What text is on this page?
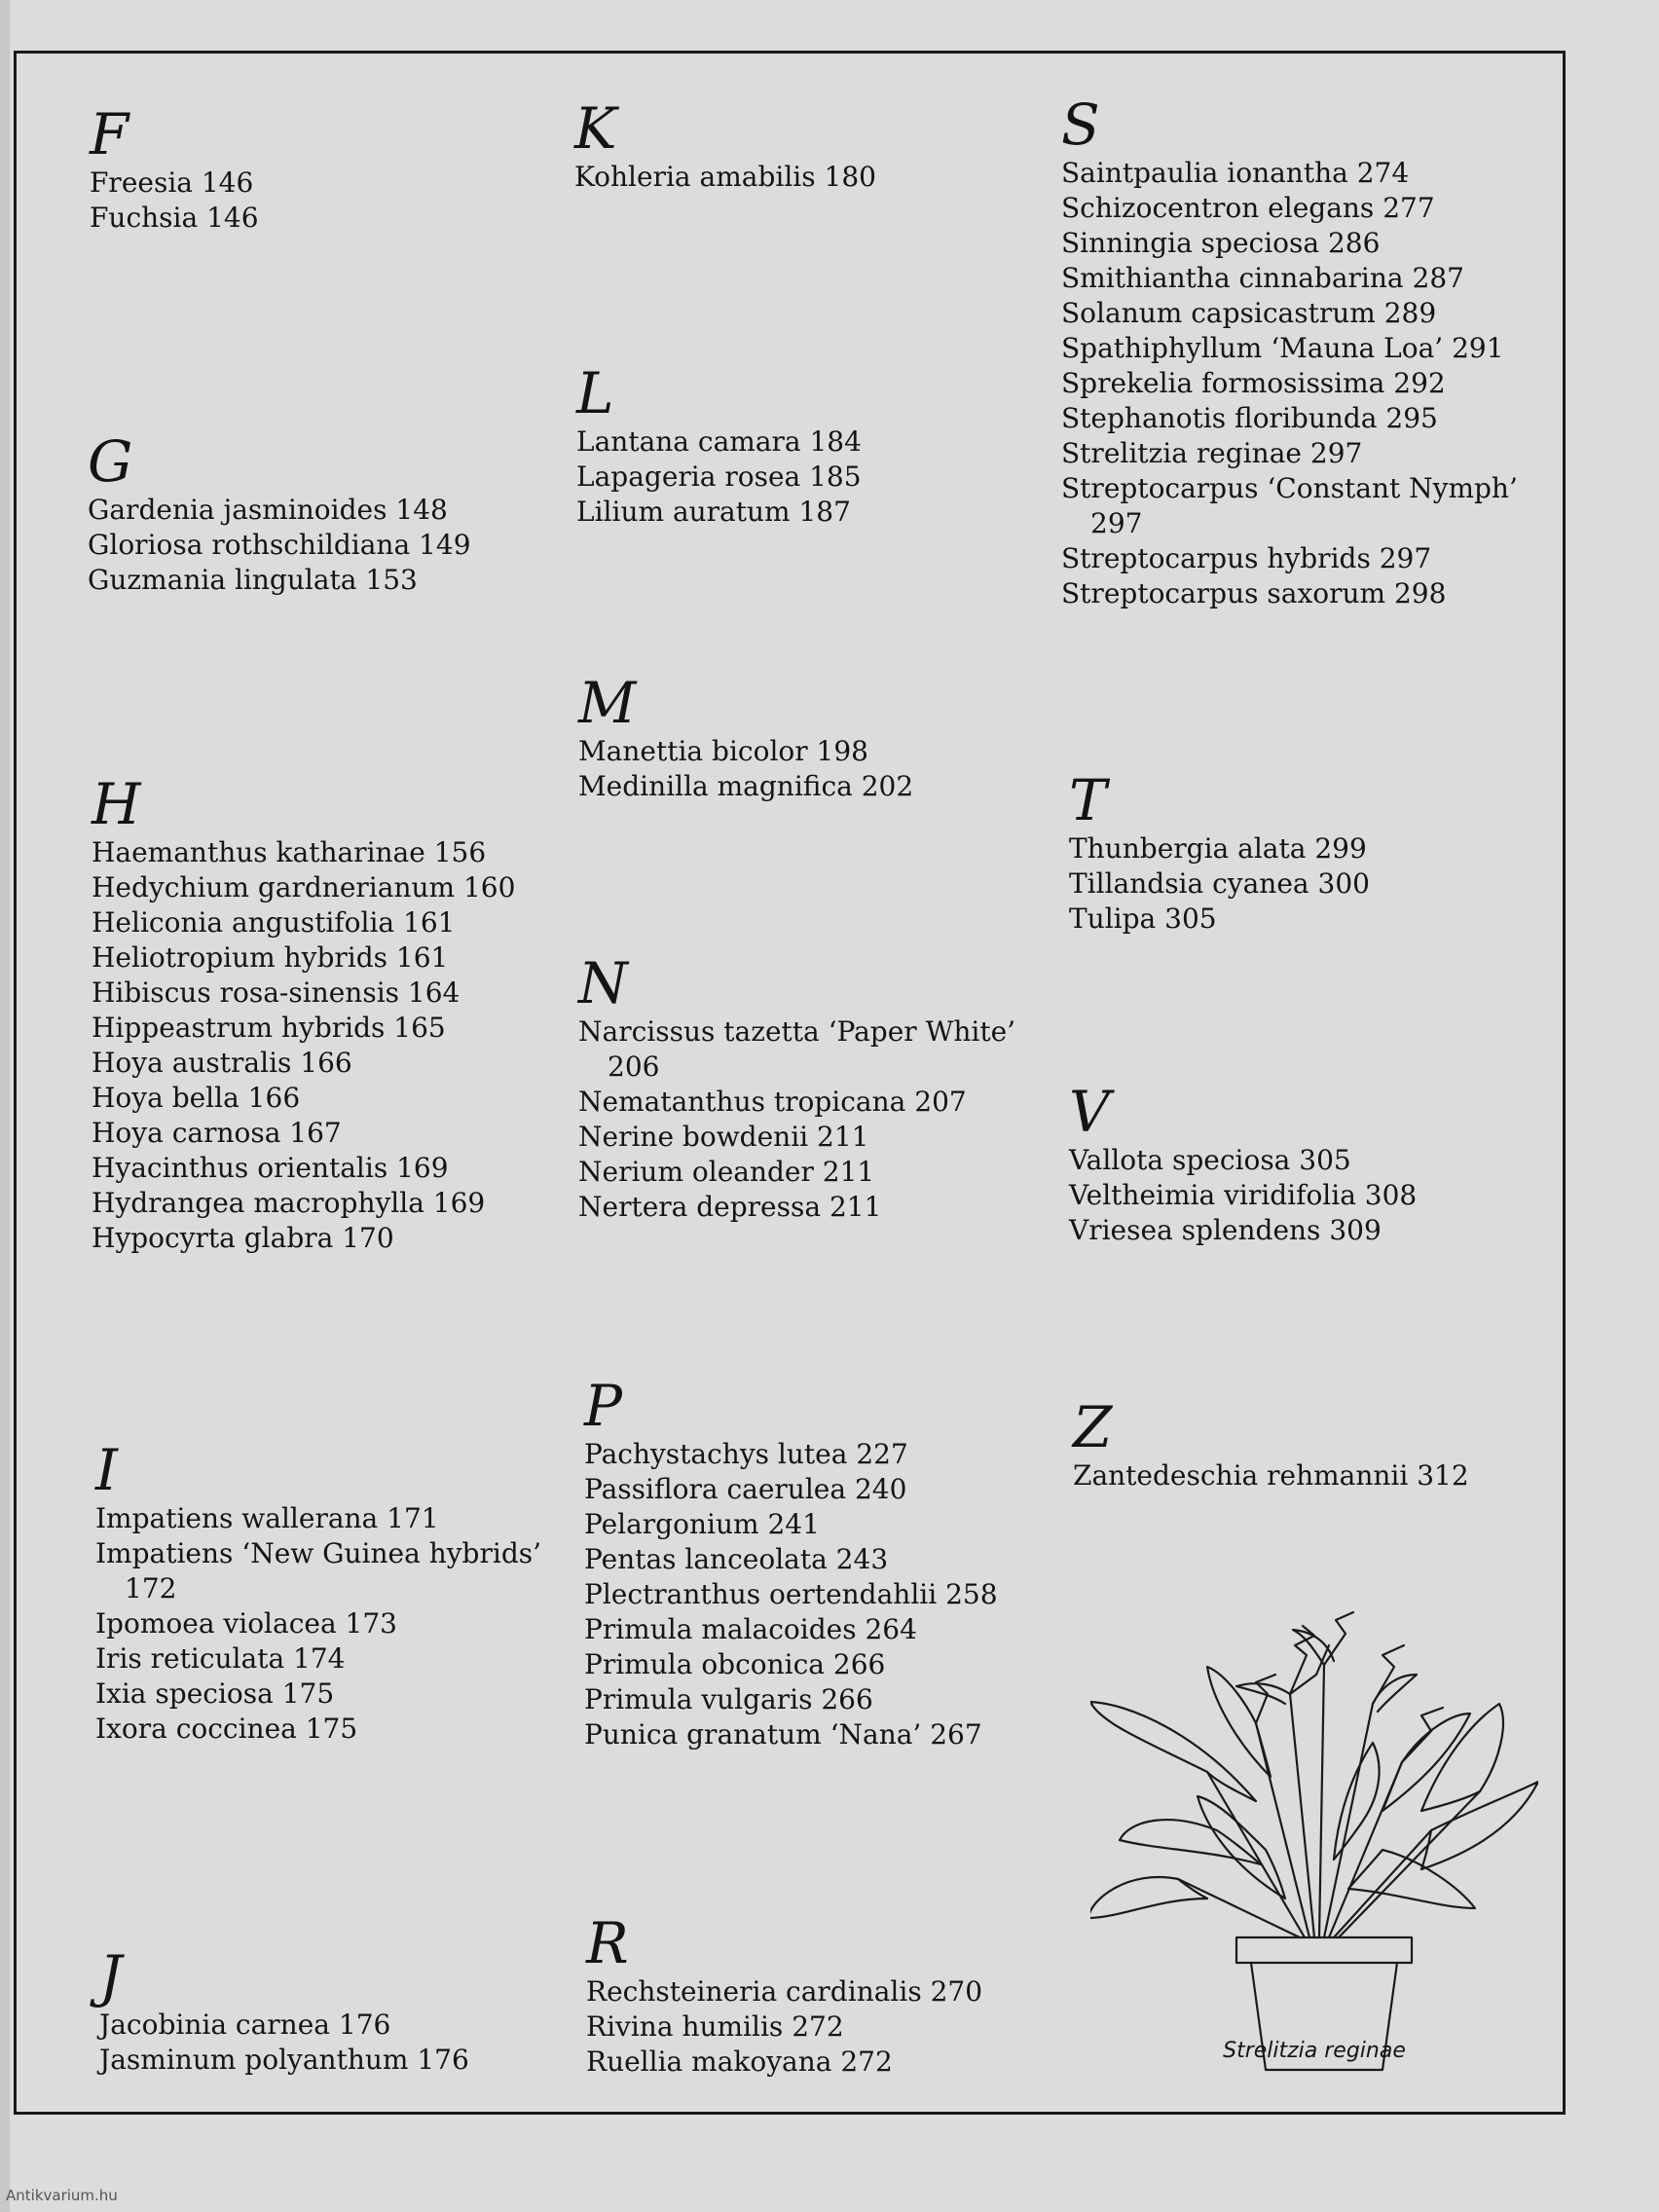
F
Freesia 146
Fuchsia 146
G
Gardenia jasminoides 148
Gloriosa rothschildiana 149
Guzmania lingulata 153
H
Haemanthus katharinae 156
Hedychium gardnerianum 160
Heliconia angustifolia 161
Heliotropium hybrids 161
Hibiscus rosa-sinensis 164
Hippeastrum hybrids 165
Hoya australis 166
Hoya bella 166
Hoya carnosa 167
Hyacinthus orientalis 169
Hydrangea macrophylla 169
Hypocyrta glabra 170
I
Impatiens wallerana 171
Impatiens ‘New Guinea hybrids’
172
Ipomoea violacea 173
Iris reticulata 174
Ixia speciosa 175
Ixora coccinea 175
J
Jacobinia carnea 176
Jasminum polyanthum 176
K
Kohleria amabilis 180
L
Lantana camara 184
Lapageria rosea 185
Lilium auratum 187
M
Manettia bicolor 198
Medinilla magnifica 202
N
Narcissus tazetta ‘Paper White’
206
Nematanthus tropicana 207
Nerine bowdenii 211
Nerium oleander 211
Nertera depressa 211
P
Pachystachys lutea 227
Passiflora caerulea 240
Pelargonium 241
Pentas lanceolata 243
Plectranthus oertendahlii 258
Primula malacoides 264
Primula obconica 266
Primula vulgaris 266
Punica granatum ‘Nana’ 267
R
Rechsteineria cardinalis 270
Rivina humilis 272
Ruellia makoyana 272
S
Saintpaulia ionantha 274
Schizocentron elegans 277
Sinningia speciosa 286
Smithiantha cinnabarina 287
Solanum capsicastrum 289
Spathiphyllum ‘Mauna Loa’ 291
Sprekelia formosissima 292
Stephanotis floribunda 295
Strelitzia reginae 297
Streptocarpus ‘Constant Nymph’
297
Streptocarpus hybrids 297
Streptocarpus saxorum 298
T
Thunbergia alata 299
Tillandsia cyanea 300
Tulipa 305
V
Vallota speciosa 305
Veltheimia viridifolia 308
Vriesea splendens 309
Z
Zantedeschia rehmannii 312
Strelitzia reginae
Antikvarium.hu
